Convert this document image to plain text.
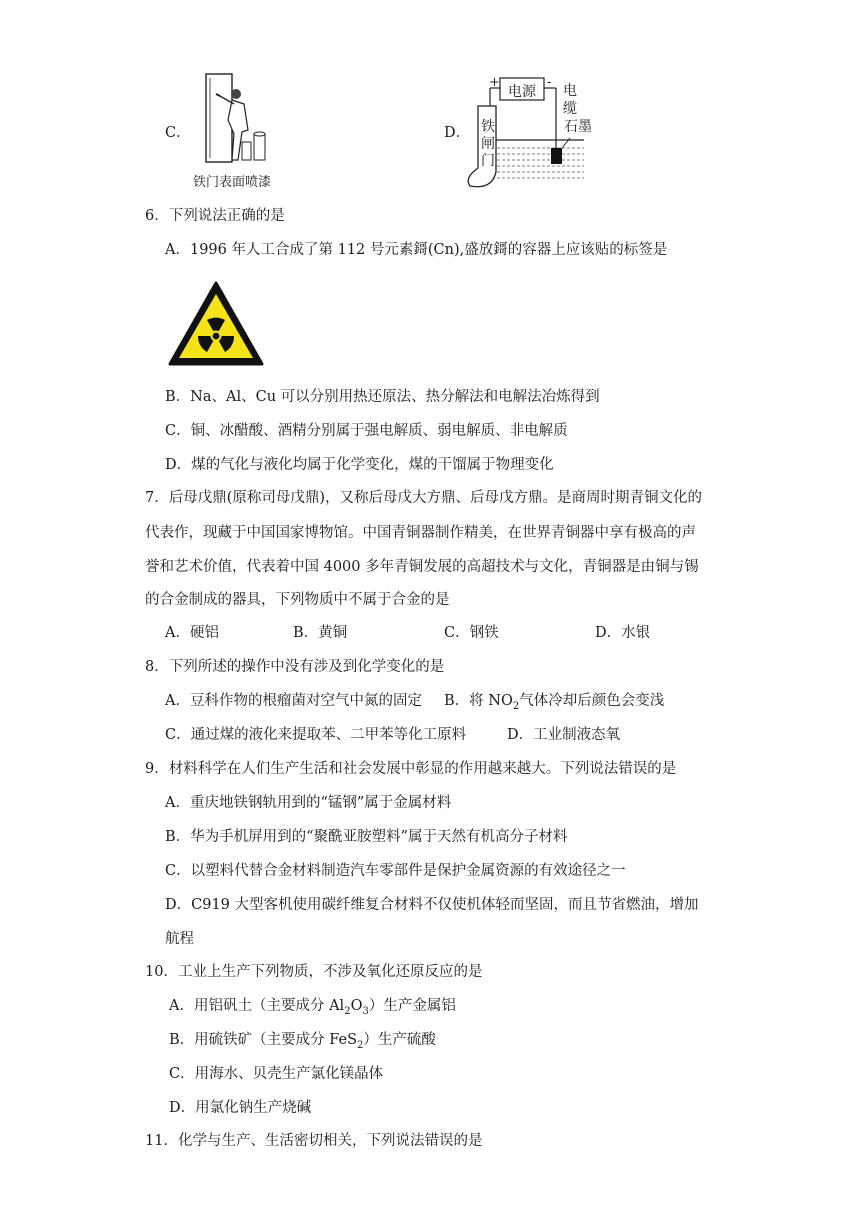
C．
铁门表面喷漆
D．
+	-
电源 电
缆
石墨
铁
闸
门
6．下列说法正确的是
A．1996 年人工合成了第 112 号元素鎶(Cn),盛放鎶的容器上应该贴的标签是
B．Na、Al、Cu 可以分别用热还原法、热分解法和电解法冶炼得到
C．铜、冰醋酸、酒精分别属于强电解质、弱电解质、非电解质
D．煤的气化与液化均属于化学变化，煤的干馏属于物理变化
7．后母戊鼎(原称司母戊鼎)，又称后母戊大方鼎、后母戊方鼎。是商周时期青铜文化的
代表作，现藏于中国国家博物馆。中国青铜器制作精美，在世界青铜器中享有极高的声
誉和艺术价值，代表着中国 4000 多年青铜发展的高超技术与文化，青铜器是由铜与锡
的合金制成的器具，下列物质中不属于合金的是
A．硬铝	B．黄铜	C．钢铁	D．水银
8．下列所述的操作中没有涉及到化学变化的是
A．豆科作物的根瘤菌对空气中氮的固定 B．将 $NO_2$气体冷却后颜色会变浅
C．通过煤的液化来提取苯、二甲苯等化工原料	D．工业制液态氧
9．材料科学在人们生产生活和社会发展中彰显的作用越来越大。下列说法错误的是
A．重庆地铁钢轨用到的“锰钢”属于金属材料
B．华为手机屏用到的“聚酰亚胺塑料”属于天然有机高分子材料
C．以塑料代替合金材料制造汽车零部件是保护金属资源的有效途径之一
D．C919 大型客机使用碳纤维复合材料不仅使机体轻而坚固，而且节省燃油，增加
航程
10．工业上生产下列物质，不涉及氧化还原反应的是
A．用铝矾土（主要成分 $Al_2O_3$）生产金属铝
B．用硫铁矿（主要成分 FeS$_2$）生产硫酸
C．用海水、贝壳生产氯化镁晶体
D．用氯化钠生产烧碱
11．化学与生产、生活密切相关，下列说法错误的是
